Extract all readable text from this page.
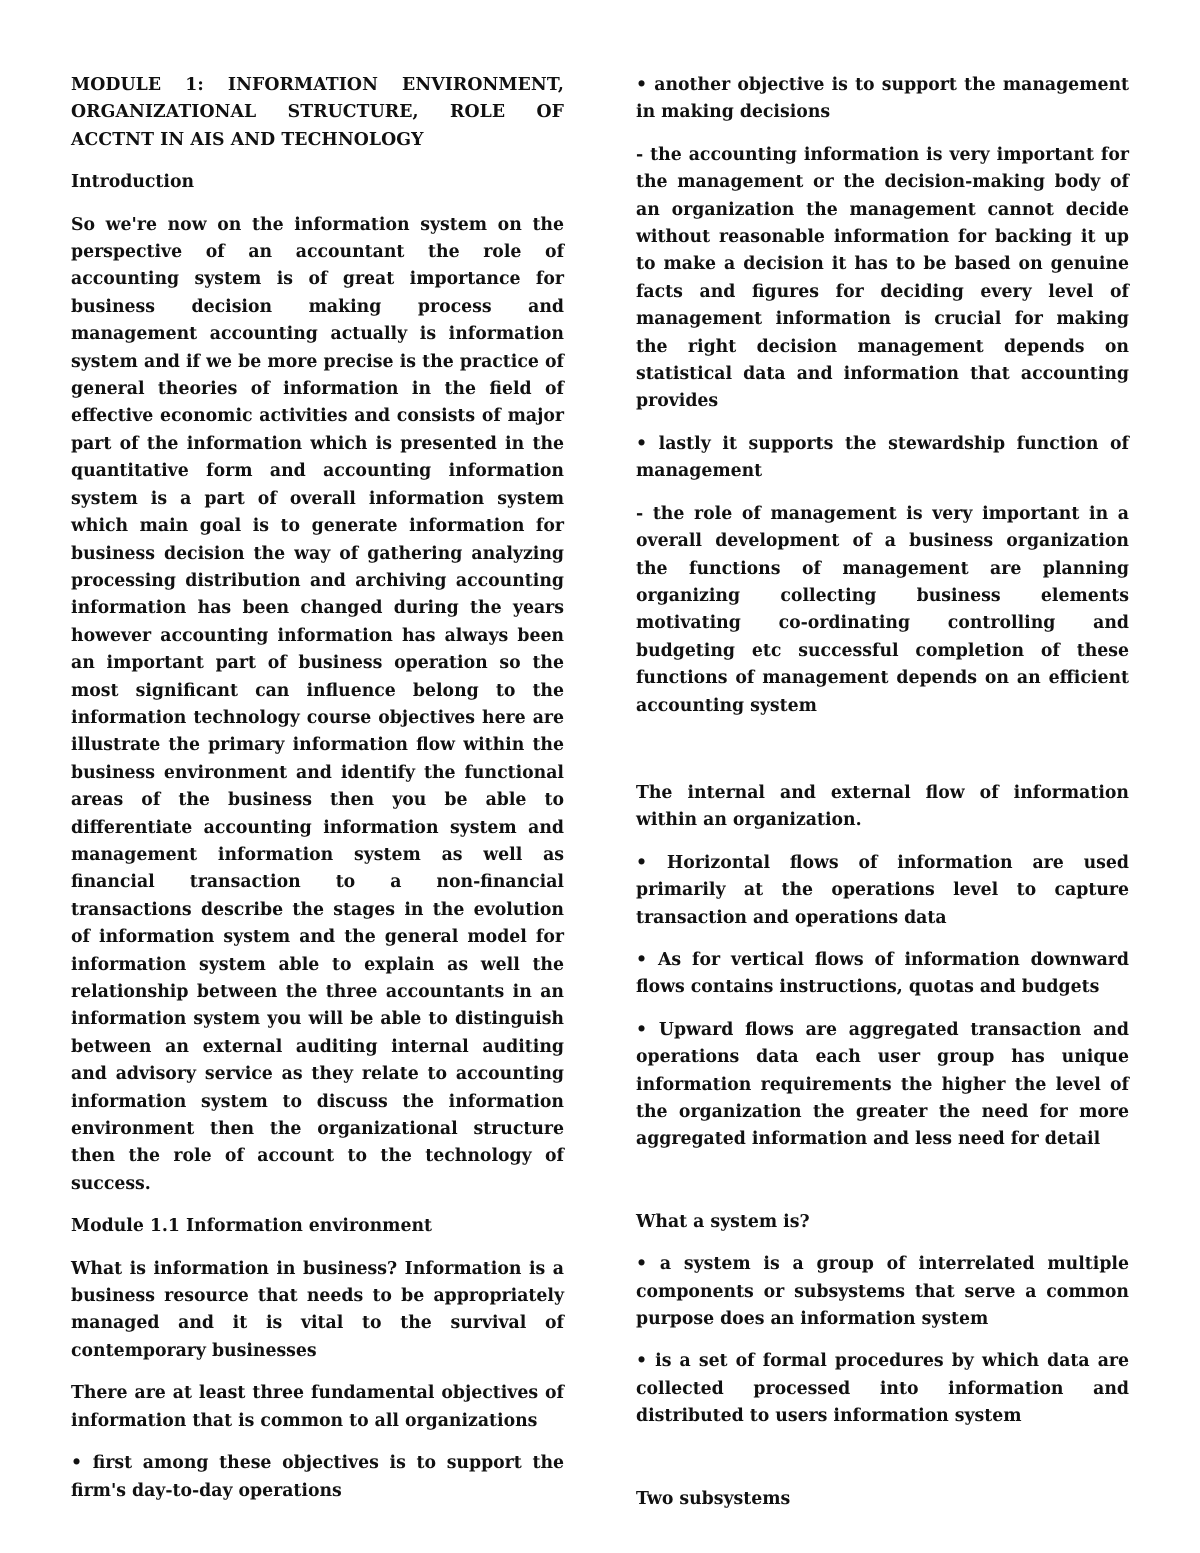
MODULE 1: INFORMATION ENVIRONMENT, ORGANIZATIONAL STRUCTURE, ROLE OF ACCTNT IN AIS AND TECHNOLOGY

Introduction

So we're now on the information system on the perspective of an accountant the role of accounting system is of great importance for business decision making process and management accounting actually is information system and if we be more precise is the practice of general theories of information in the field of effective economic activities and consists of major part of the information which is presented in the quantitative form and accounting information system is a part of overall information system which main goal is to generate information for business decision the way of gathering analyzing processing distribution and archiving accounting information has been changed during the years however accounting information has always been an important part of business operation so the most significant can influence belong to the information technology course objectives here are illustrate the primary information flow within the business environment and identify the functional areas of the business then you be able to differentiate accounting information system and management information system as well as financial transaction to a non-financial transactions describe the stages in the evolution of information system and the general model for information system able to explain as well the relationship between the three accountants in an information system you will be able to distinguish between an external auditing internal auditing and advisory service as they relate to accounting information system to discuss the information environment then the organizational structure then the role of account to the technology of success.

Module 1.1 Information environment

What is information in business? Information is a business resource that needs to be appropriately managed and it is vital to the survival of contemporary businesses

There are at least three fundamental objectives of information that is common to all organizations

• first among these objectives is to support the firm's day-to-day operations

• another objective is to support the management in making decisions

- the accounting information is very important for the management or the decision-making body of an organization the management cannot decide without reasonable information for backing it up to make a decision it has to be based on genuine facts and figures for deciding every level of management information is crucial for making the right decision management depends on statistical data and information that accounting provides

• lastly it supports the stewardship function of management

- the role of management is very important in a overall development of a business organization the functions of management are planning organizing collecting business elements motivating co-ordinating controlling and budgeting etc successful completion of these functions of management depends on an efficient accounting system

The internal and external flow of information within an organization.

• Horizontal flows of information are used primarily at the operations level to capture transaction and operations data

• As for vertical flows of information downward flows contains instructions, quotas and budgets

• Upward flows are aggregated transaction and operations data each user group has unique information requirements the higher the level of the organization the greater the need for more aggregated information and less need for detail

What a system is?

• a system is a group of interrelated multiple components or subsystems that serve a common purpose does an information system

• is a set of formal procedures by which data are collected processed into information and distributed to users information system

Two subsystems
